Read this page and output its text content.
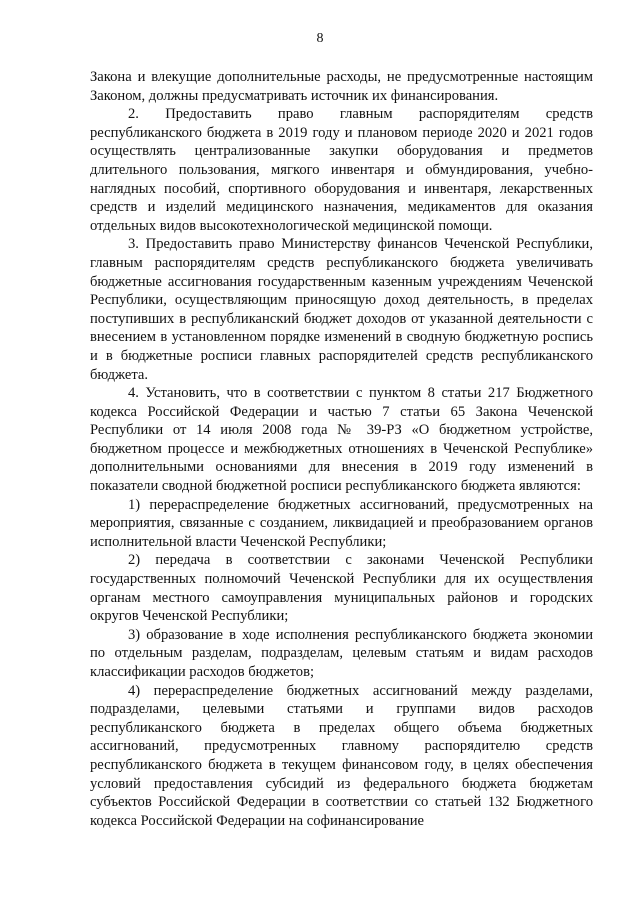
8

Закона и влекущие дополнительные расходы, не предусмотренные настоящим Законом, должны предусматривать источник их финансирования.

2. Предоставить право главным распорядителям средств республиканского бюджета в 2019 году и плановом периоде 2020 и 2021 годов осуществлять централизованные закупки оборудования и предметов длительного пользования, мягкого инвентаря и обмундирования, учебно-наглядных пособий, спортивного оборудования и инвентаря, лекарственных средств и изделий медицинского назначения, медикаментов для оказания отдельных видов высокотехнологической медицинской помощи.

3. Предоставить право Министерству финансов Чеченской Республики, главным распорядителям средств республиканского бюджета увеличивать бюджетные ассигнования государственным казенным учреждениям Чеченской Республики, осуществляющим приносящую доход деятельность, в пределах поступивших в республиканский бюджет доходов от указанной деятельности с внесением в установленном порядке изменений в сводную бюджетную роспись и в бюджетные росписи главных распорядителей средств республиканского бюджета.

4. Установить, что в соответствии с пунктом 8 статьи 217 Бюджетного кодекса Российской Федерации и частью 7 статьи 65 Закона Чеченской Республики от 14 июля 2008 года № 39-РЗ «О бюджетном устройстве, бюджетном процессе и межбюджетных отношениях в Чеченской Республике» дополнительными основаниями для внесения в 2019 году изменений в показатели сводной бюджетной росписи республиканского бюджета являются:

1) перераспределение бюджетных ассигнований, предусмотренных на мероприятия, связанные с созданием, ликвидацией и преобразованием органов исполнительной власти Чеченской Республики;

2) передача в соответствии с законами Чеченской Республики государственных полномочий Чеченской Республики для их осуществления органам местного самоуправления муниципальных районов и городских округов Чеченской Республики;

3) образование в ходе исполнения республиканского бюджета экономии по отдельным разделам, подразделам, целевым статьям и видам расходов классификации расходов бюджетов;

4) перераспределение бюджетных ассигнований между разделами, подразделами, целевыми статьями и группами видов расходов республиканского бюджета в пределах общего объема бюджетных ассигнований, предусмотренных главному распорядителю средств республиканского бюджета в текущем финансовом году, в целях обеспечения условий предоставления субсидий из федерального бюджета бюджетам субъектов Российской Федерации в соответствии со статьей 132 Бюджетного кодекса Российской Федерации на софинансирование
